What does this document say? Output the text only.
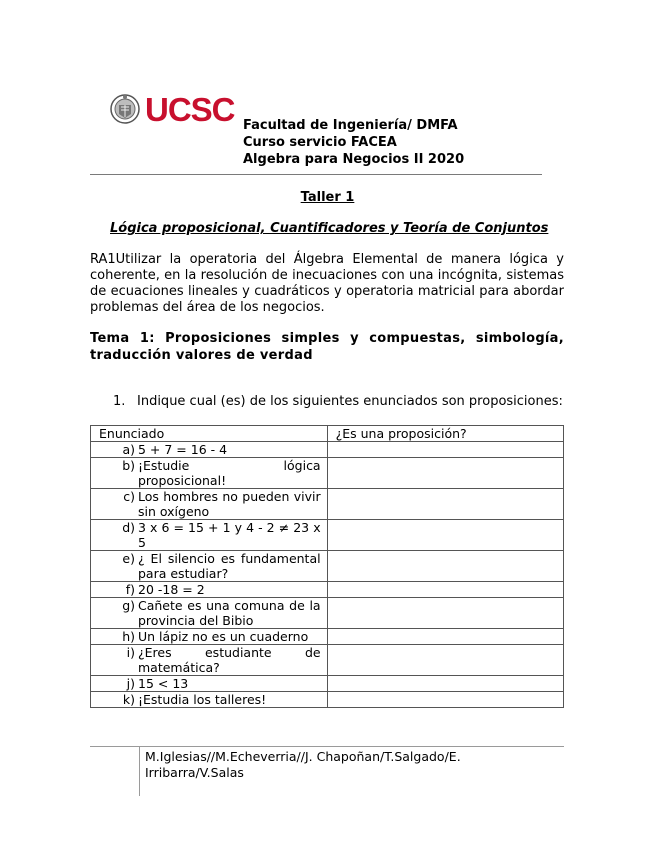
UCSC Facultad de Ingeniería/ DMFA
Curso servicio FACEA
Algebra para Negocios II 2020
Taller 1
Lógica proposicional, Cuantificadores y Teoría de Conjuntos
RA1Utilizar la operatoria del Álgebra Elemental de manera lógica y coherente, en la resolución de inecuaciones con una incógnita, sistemas de ecuaciones lineales y cuadráticos y operatoria matricial para abordar problemas del área de los negocios.
Tema 1: Proposiciones simples y compuestas, simbología, traducción valores de verdad
1. Indique cual (es) de los siguientes enunciados son proposiciones:
Enunciado	¿Es una proposición?

a) 5 + 7 = 16 - 4	

b) ¡Estudie lógica proposicional!	

c) Los hombres no pueden vivir sin oxígeno	

d) 3 x 6 = 15 + 1 y 4 - 2 ≠ 23 x 5	

e) ¿ El silencio es fundamental para estudiar?	

f) 20 -18 = 2	

g) Cañete es una comuna de la provincia del Bibio	

h) Un lápiz no es un cuaderno	

i) ¿Eres estudiante de matemática?	

j) 15 < 13	

k) ¡Estudia los talleres!	

M.Iglesias//M.Echeverria//J. Chapoñan/T.Salgado/E. Irribarra/V.Salas
